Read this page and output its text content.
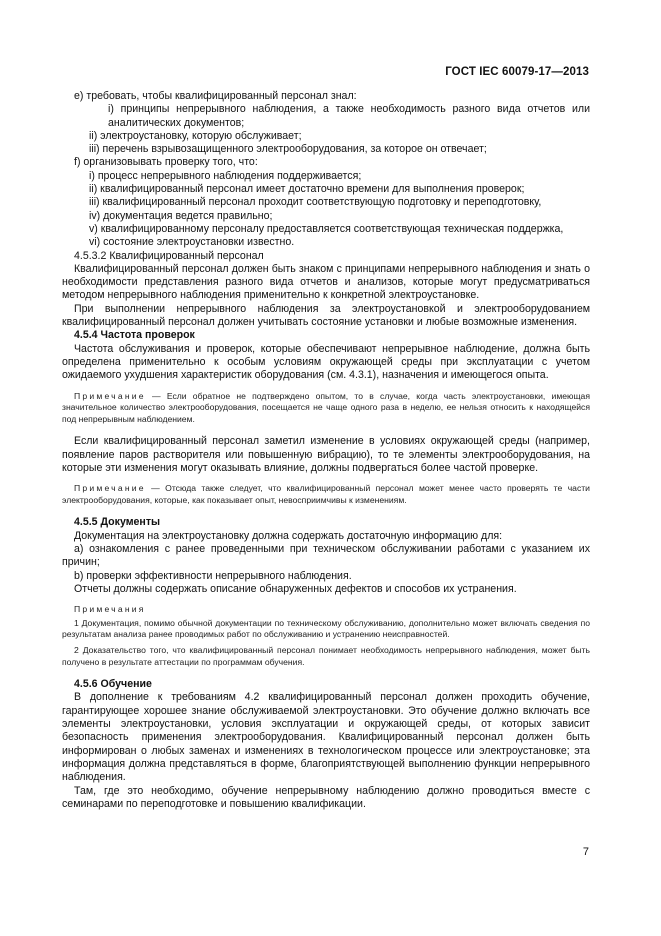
ГОСТ IEC 60079-17—2013

е) требовать, чтобы квалифицированный персонал знал:

i) принципы непрерывного наблюдения, а также необходимость разного вида отчетов или аналитических документов;

ii) электроустановку, которую обслуживает;

iii) перечень взрывозащищенного электрооборудования, за которое он отвечает;

f) организовывать проверку того, что:

i) процесс непрерывного наблюдения поддерживается;

ii) квалифицированный персонал имеет достаточно времени для выполнения проверок;

iii) квалифицированный персонал проходит соответствующую подготовку и переподготовку,

iv) документация ведется правильно;

v) квалифицированному персоналу предоставляется соответствующая техническая поддержка,

vi) состояние электроустановки известно.

4.5.3.2 Квалифицированный персонал

Квалифицированный персонал должен быть знаком с принципами непрерывного наблюдения и знать о необходимости представления разного вида отчетов и анализов, которые могут предусматриваться методом непрерывного наблюдения применительно к конкретной электроустановке.

При выполнении непрерывного наблюдения за электроустановкой и электрооборудованием квалифицированный персонал должен учитывать состояние установки и любые возможные изменения.

4.5.4 Частота проверок

Частота обслуживания и проверок, которые обеспечивают непрерывное наблюдение, должна быть определена применительно к особым условиям окружающей среды при эксплуатации с учетом ожидаемого ухудшения характеристик оборудования (см. 4.3.1), назначения и имеющегося опыта.

Примечание — Если обратное не подтверждено опытом, то в случае, когда часть электроустановки, имеющая значительное количество электрооборудования, посещается не чаще одного раза в неделю, ее нельзя относить к находящейся под непрерывным наблюдением.

Если квалифицированный персонал заметил изменение в условиях окружающей среды (например, появление паров растворителя или повышенную вибрацию), то те элементы электрооборудования, на которые эти изменения могут оказывать влияние, должны подвергаться более частой проверке.

Примечание — Отсюда также следует, что квалифицированный персонал может менее часто проверять те части электрооборудования, которые, как показывает опыт, невосприимчивы к изменениям.

4.5.5 Документы

Документация на электроустановку должна содержать достаточную информацию для:

а) ознакомления с ранее проведенными при техническом обслуживании работами с указанием их причин;

b) проверки эффективности непрерывного наблюдения.

Отчеты должны содержать описание обнаруженных дефектов и способов их устранения.

Примечания

1 Документация, помимо обычной документации по техническому обслуживанию, дополнительно может включать сведения по результатам анализа ранее проводимых работ по обслуживанию и устранению неисправностей.

2 Доказательство того, что квалифицированный персонал понимает необходимость непрерывного наблюдения, может быть получено в результате аттестации по программам обучения.

4.5.6 Обучение

В дополнение к требованиям 4.2 квалифицированный персонал должен проходить обучение, гарантирующее хорошее знание обслуживаемой электроустановки. Это обучение должно включать все элементы электроустановки, условия эксплуатации и окружающей среды, от которых зависит безопасность применения электрооборудования. Квалифицированный персонал должен быть информирован о любых заменах и изменениях в технологическом процессе или электроустановке; эта информация должна представляться в форме, благоприятствующей выполнению функции непрерывного наблюдения.

Там, где это необходимо, обучение непрерывному наблюдению должно проводиться вместе с семинарами по переподготовке и повышению квалификации.

7
